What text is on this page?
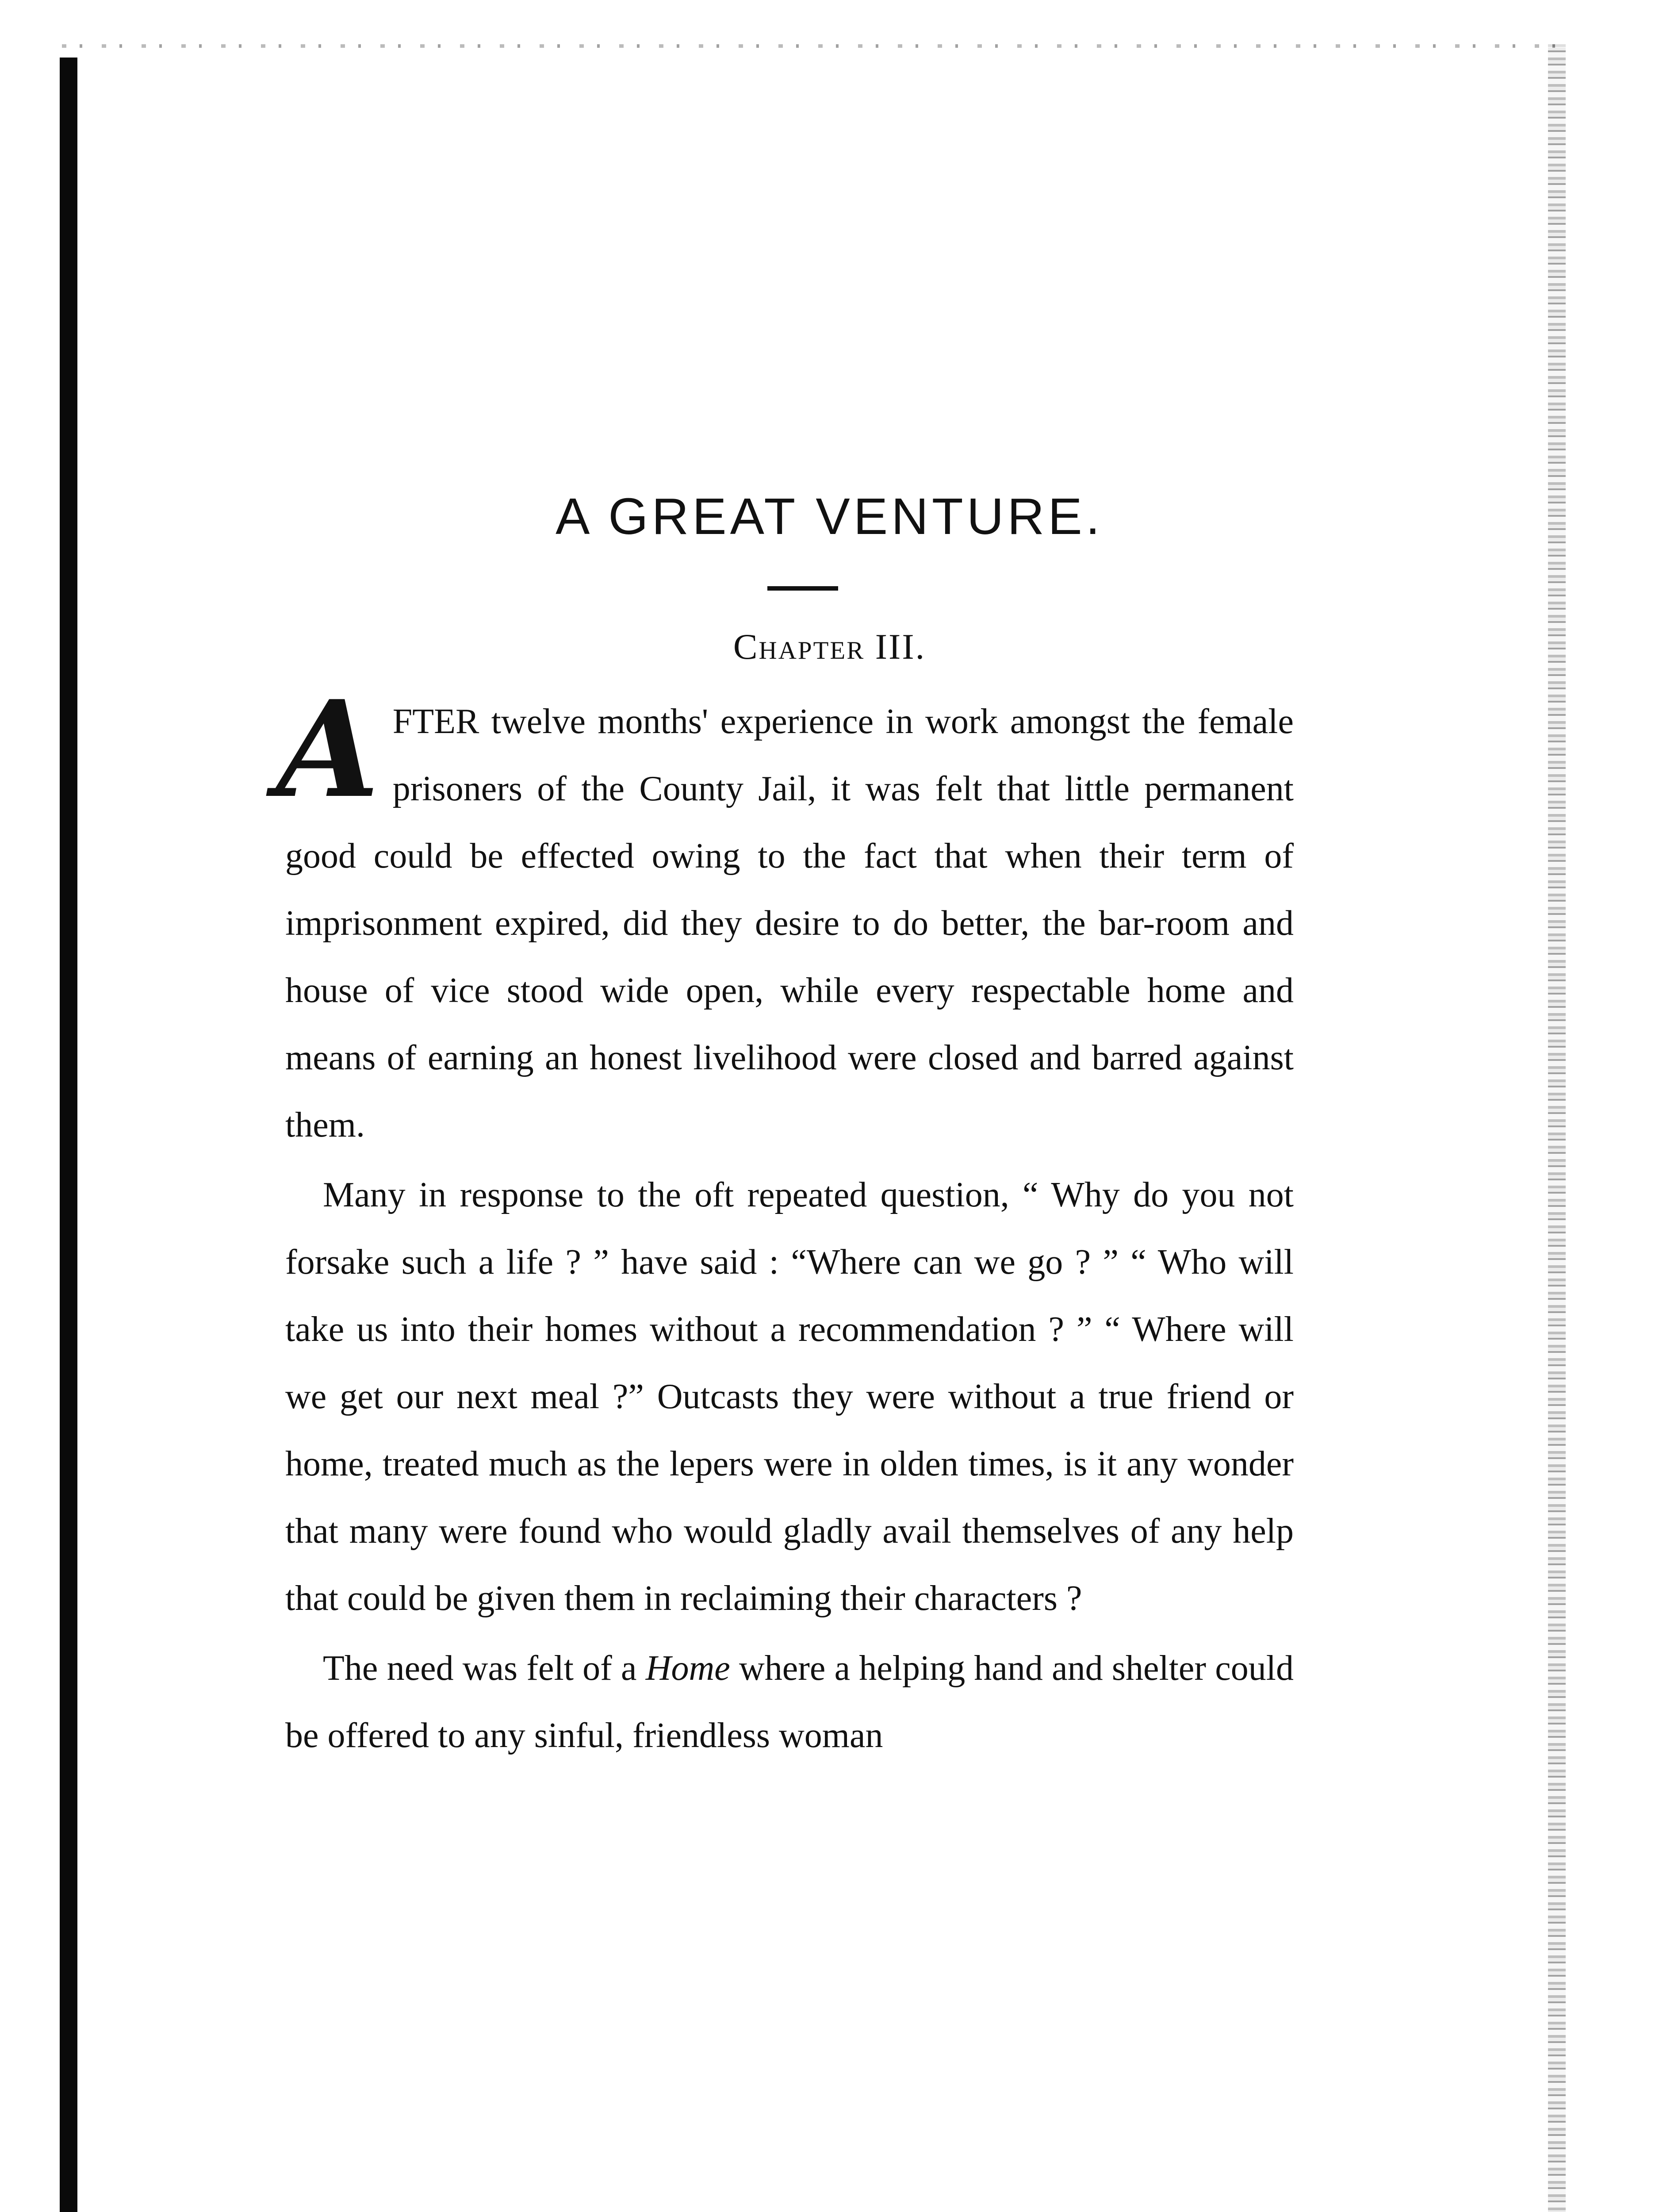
A GREAT VENTURE.
Chapter III.

AFTER twelve months' experience in work amongst the female prisoners of the County Jail, it was felt that little permanent good could be effected owing to the fact that when their term of imprisonment expired, did they desire to do better, the bar-room and house of vice stood wide open, while every respectable home and means of earning an honest livelihood were closed and barred against them.

Many in response to the oft repeated question, “ Why do you not forsake such a life ? ” have said : “Where can we go ? ” “ Who will take us into their homes without a recommendation ? ” “ Where will we get our next meal ?” Outcasts they were without a true friend or home, treated much as the lepers were in olden times, is it any wonder that many were found who would gladly avail themselves of any help that could be given them in reclaiming their characters ?

The need was felt of a Home where a helping hand and shelter could be offered to any sinful, friendless woman
